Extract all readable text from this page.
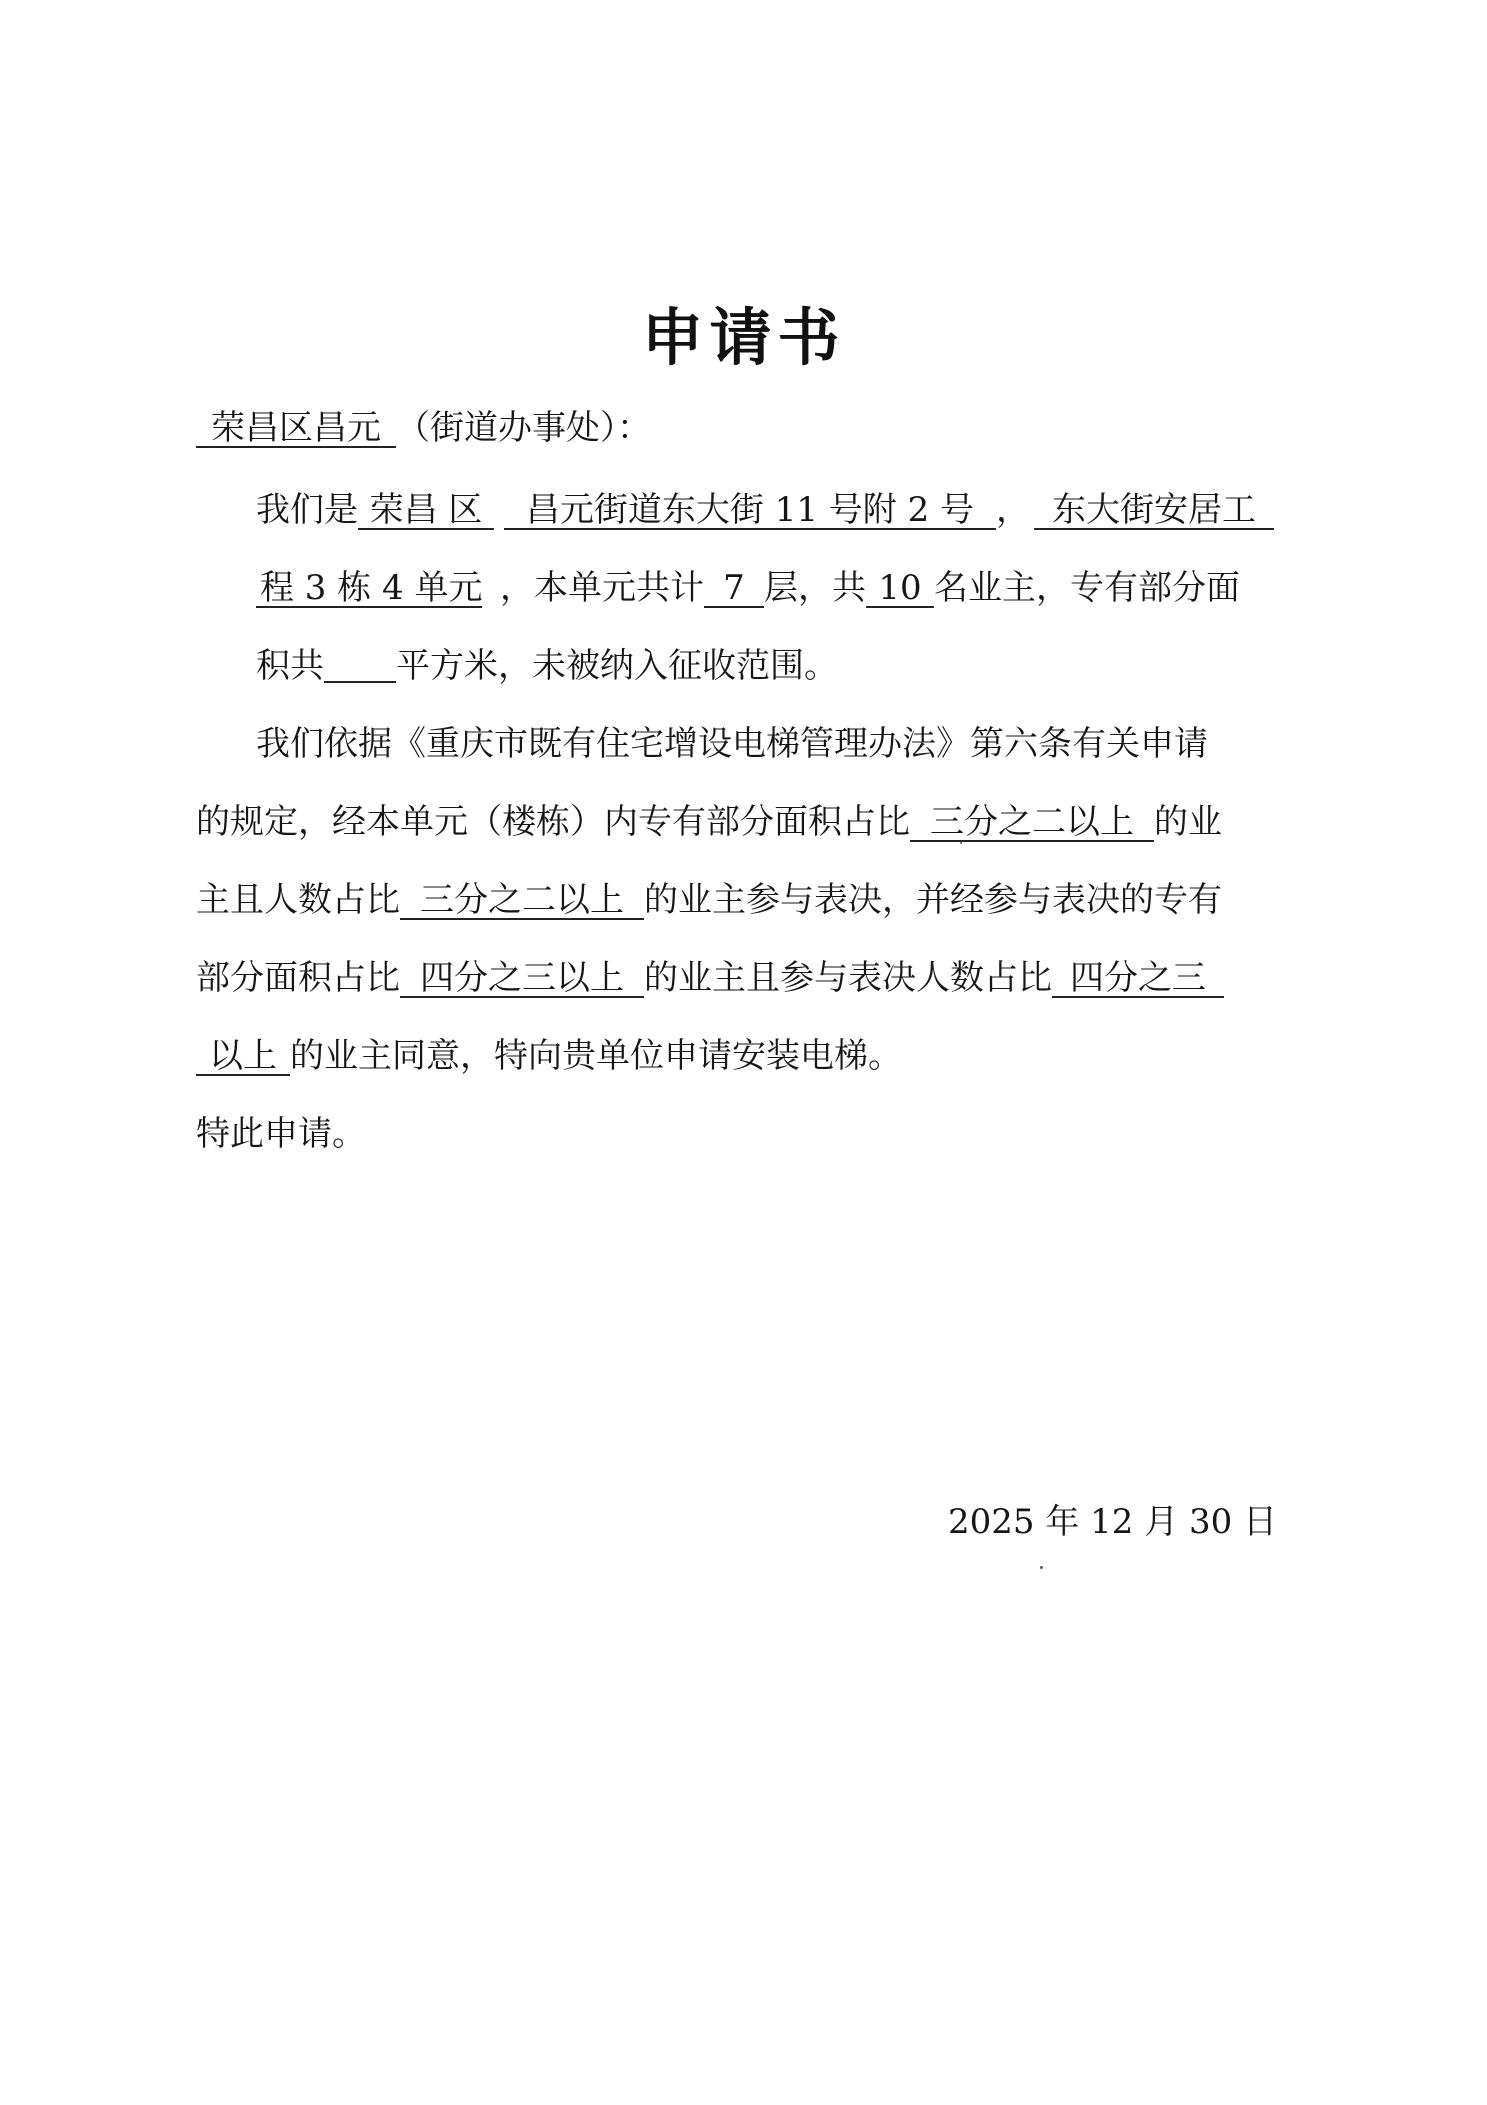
申请书
荣昌区昌元 （街道办事处）：
我们是 荣昌 区 昌元街道东大街 11 号附 2 号 ， 东大街安居工
程 3 栋 4 单元 ，本单元共计 7 层，共 10 名业主，专有部分面
积共 平方米，未被纳入征收范围。
我们依据《重庆市既有住宅增设电梯管理办法》第六条有关申请
的规定，经本单元（楼栋）内专有部分面积占比 三分之二以上 的业
主且人数占比 三分之二以上 的业主参与表决，并经参与表决的专有
部分面积占比 四分之三以上 的业主且参与表决人数占比 四分之三
以上 的业主同意，特向贵单位申请安装电梯。
特此申请。
2025 年 12 月 30 日
